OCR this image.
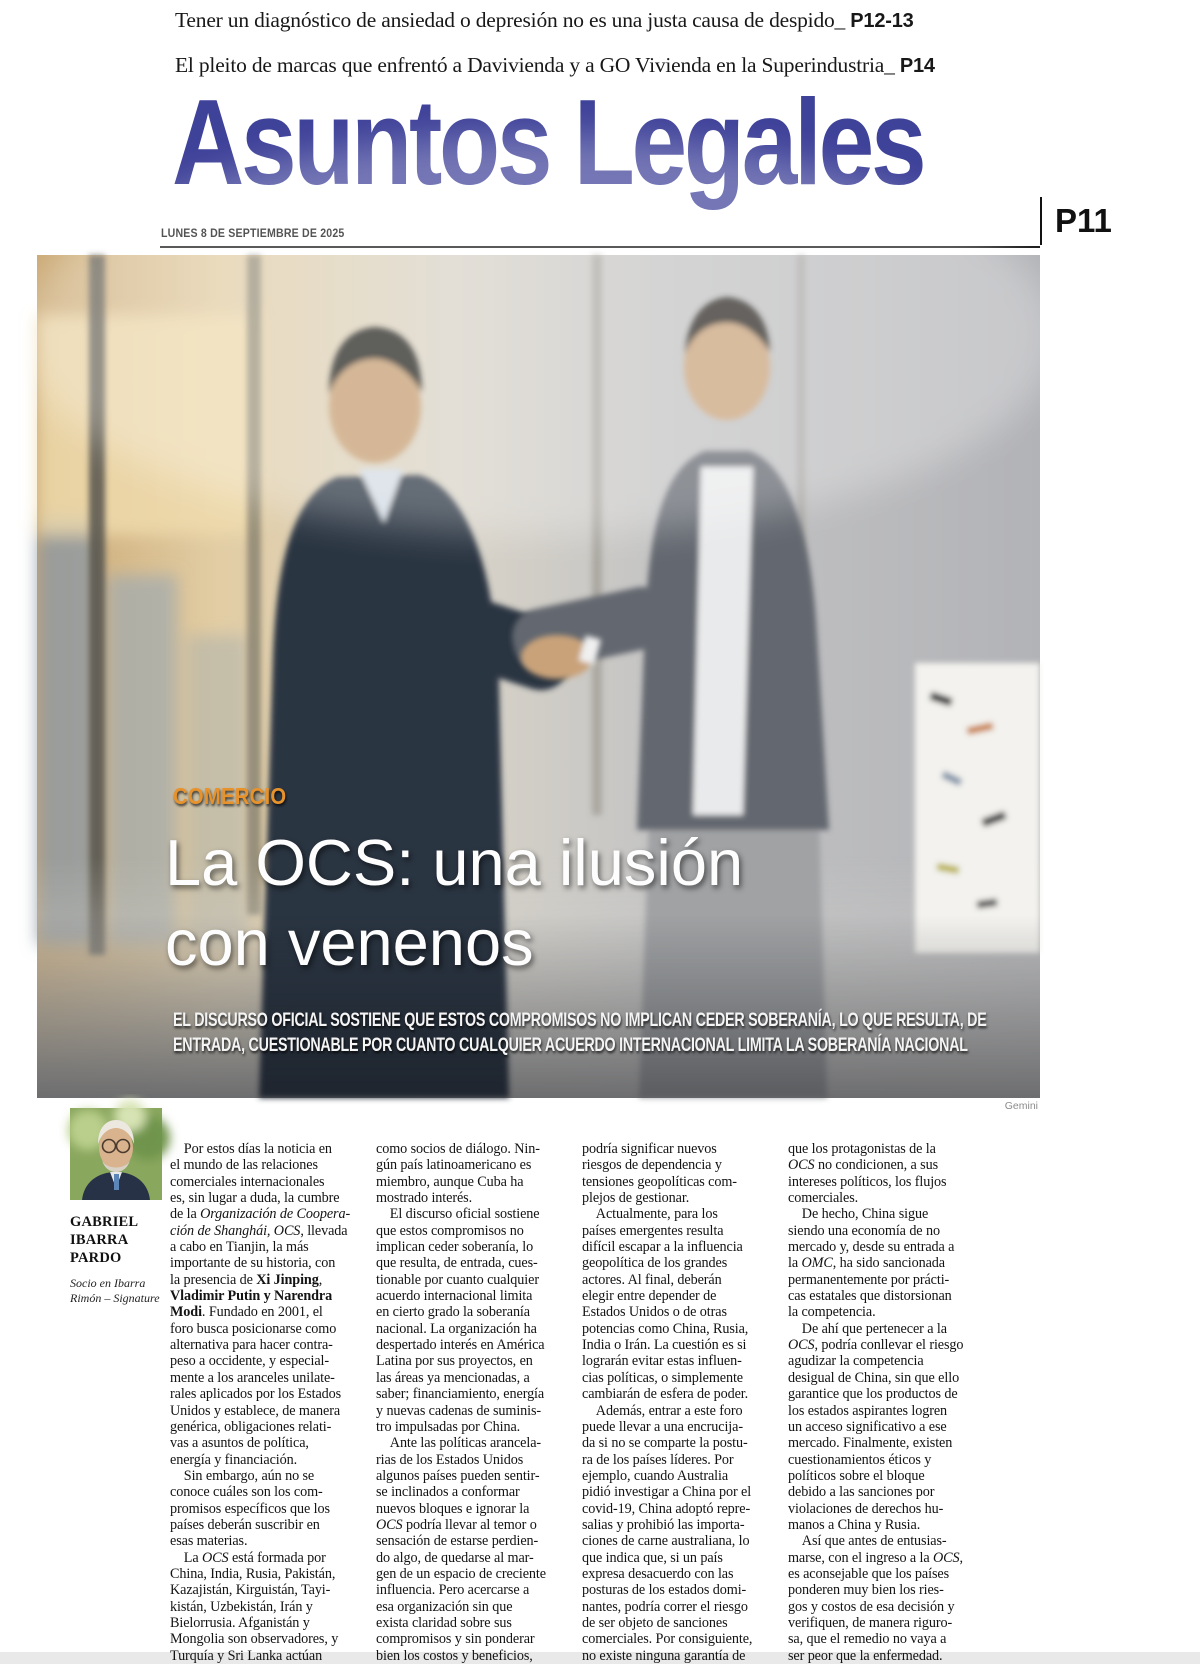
Tener un diagnóstico de ansiedad o depresión no es una justa causa de despido_ P12-13
El pleito de marcas que enfrentó a Davivienda y a GO Vivienda en la Superindustria_ P14
Asuntos Legales
P11
LUNES 8 DE SEPTIEMBRE DE 2025
COMERCIO
La OCS: una ilusión
con venenos
EL DISCURSO OFICIAL SOSTIENE QUE ESTOS COMPROMISOS NO IMPLICAN CEDER SOBERANÍA, LO QUE RESULTA, DE
ENTRADA, CUESTIONABLE POR CUANTO CUALQUIER ACUERDO INTERNACIONAL LIMITA LA SOBERANÍA NACIONAL
Gemini
GABRIEL
IBARRA PARDO
Socio en Ibarra
Rimón – Signature
Por estos días la noticia en
el mundo de las relaciones
comerciales internacionales
es, sin lugar a duda, la cumbre
de la Organización de Coopera-
ción de Shanghái, OCS, llevada
a cabo en Tianjin, la más
importante de su historia, con
la presencia de Xi Jinping,
Vladimir Putin y Narendra
Modi. Fundado en 2001, el
foro busca posicionarse como
alternativa para hacer contra-
peso a occidente, y especial-
mente a los aranceles unilate-
rales aplicados por los Estados
Unidos y establece, de manera
genérica, obligaciones relati-
vas a asuntos de política,
energía y financiación.
Sin embargo, aún no se
conoce cuáles son los com-
promisos específicos que los
países deberán suscribir en
esas materias.
La OCS está formada por
China, India, Rusia, Pakistán,
Kazajistán, Kirguistán, Tayi-
kistán, Uzbekistán, Irán y
Bielorrusia. Afganistán y
Mongolia son observadores, y
Turquía y Sri Lanka actúan
como socios de diálogo. Nin-
gún país latinoamericano es
miembro, aunque Cuba ha
mostrado interés.
El discurso oficial sostiene
que estos compromisos no
implican ceder soberanía, lo
que resulta, de entrada, cues-
tionable por cuanto cualquier
acuerdo internacional limita
en cierto grado la soberanía
nacional. La organización ha
despertado interés en América
Latina por sus proyectos, en
las áreas ya mencionadas, a
saber; financiamiento, energía
y nuevas cadenas de suminis-
tro impulsadas por China.
Ante las políticas arancela-
rias de los Estados Unidos
algunos países pueden sentir-
se inclinados a conformar
nuevos bloques e ignorar la
OCS podría llevar al temor o
sensación de estarse perdien-
do algo, de quedarse al mar-
gen de un espacio de creciente
influencia. Pero acercarse a
esa organización sin que
exista claridad sobre sus
compromisos y sin ponderar
bien los costos y beneficios,
podría significar nuevos
riesgos de dependencia y
tensiones geopolíticas com-
plejos de gestionar.
Actualmente, para los
países emergentes resulta
difícil escapar a la influencia
geopolítica de los grandes
actores. Al final, deberán
elegir entre depender de
Estados Unidos o de otras
potencias como China, Rusia,
India o Irán. La cuestión es si
lograrán evitar estas influen-
cias políticas, o simplemente
cambiarán de esfera de poder.
Además, entrar a este foro
puede llevar a una encrucija-
da si no se comparte la postu-
ra de los países líderes. Por
ejemplo, cuando Australia
pidió investigar a China por el
covid-19, China adoptó repre-
salias y prohibió las importa-
ciones de carne australiana, lo
que indica que, si un país
expresa desacuerdo con las
posturas de los estados domi-
nantes, podría correr el riesgo
de ser objeto de sanciones
comerciales. Por consiguiente,
no existe ninguna garantía de
que los protagonistas de la
OCS no condicionen, a sus
intereses políticos, los flujos
comerciales.
De hecho, China sigue
siendo una economía de no
mercado y, desde su entrada a
la OMC, ha sido sancionada
permanentemente por prácti-
cas estatales que distorsionan
la competencia.
De ahí que pertenecer a la
OCS, podría conllevar el riesgo
agudizar la competencia
desigual de China, sin que ello
garantice que los productos de
los estados aspirantes logren
un acceso significativo a ese
mercado. Finalmente, existen
cuestionamientos éticos y
políticos sobre el bloque
debido a las sanciones por
violaciones de derechos hu-
manos a China y Rusia.
Así que antes de entusias-
marse, con el ingreso a la OCS,
es aconsejable que los países
ponderen muy bien los ries-
gos y costos de esa decisión y
verifiquen, de manera riguro-
sa, que el remedio no vaya a
ser peor que la enfermedad.
